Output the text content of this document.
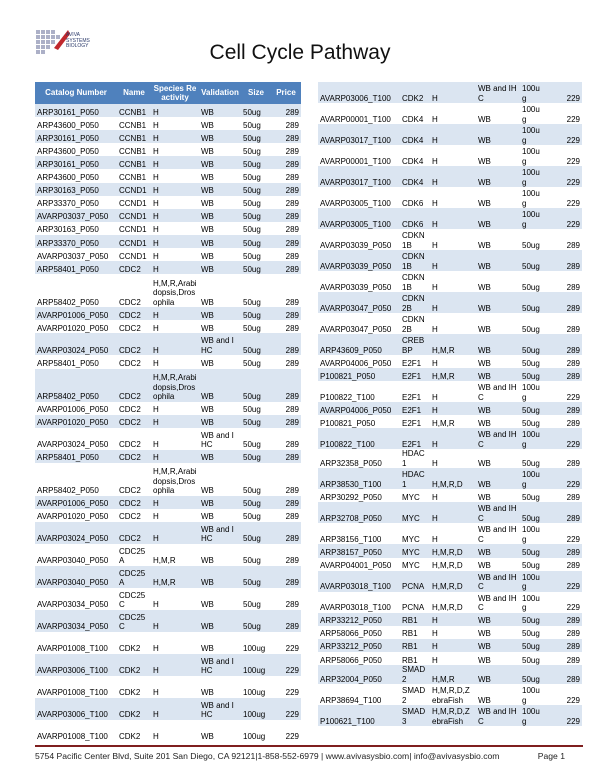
AVIVA
SYSTEMS
BIOLOGY	Cell Cycle Pathway
Catalog Number	Name	Species Reactivity	Validation	Size	Price
ARP30161_P050	CCNB1	H	WB	50ug	289
ARP43600_P050	CCNB1	H	WB	50ug	289
ARP30161_P050	CCNB1	H	WB	50ug	289
ARP43600_P050	CCNB1	H	WB	50ug	289
ARP30161_P050	CCNB1	H	WB	50ug	289
ARP43600_P050	CCNB1	H	WB	50ug	289
ARP30163_P050	CCND1	H	WB	50ug	289
ARP33370_P050	CCND1	H	WB	50ug	289
AVARP03037_P050	CCND1	H	WB	50ug	289
ARP30163_P050	CCND1	H	WB	50ug	289
ARP33370_P050	CCND1	H	WB	50ug	289
AVARP03037_P050	CCND1	H	WB	50ug	289
ARP58401_P050	CDC2	H	WB	50ug	289
ARP58402_P050	CDC2	H,M,R,Arabidopsis,Drosophila	WB	50ug	289
AVARP01006_P050	CDC2	H	WB	50ug	289
AVARP01020_P050	CDC2	H	WB	50ug	289
AVARP03024_P050	CDC2	H	WB and IHC	50ug	289
ARP58401_P050	CDC2	H	WB	50ug	289
ARP58402_P050	CDC2	H,M,R,Arabidopsis,Drosophila	WB	50ug	289
AVARP01006_P050	CDC2	H	WB	50ug	289
AVARP01020_P050	CDC2	H	WB	50ug	289
AVARP03024_P050	CDC2	H	WB and IHC	50ug	289
ARP58401_P050	CDC2	H	WB	50ug	289
ARP58402_P050	CDC2	H,M,R,Arabidopsis,Drosophila	WB	50ug	289
AVARP01006_P050	CDC2	H	WB	50ug	289
AVARP01020_P050	CDC2	H	WB	50ug	289
AVARP03024_P050	CDC2	H	WB and IHC	50ug	289
AVARP03040_P050	CDC25A	H,M,R	WB	50ug	289
AVARP03040_P050	CDC25A	H,M,R	WB	50ug	289
AVARP03034_P050	CDC25C	H	WB	50ug	289
AVARP03034_P050	CDC25C	H	WB	50ug	289
AVARP01008_T100	CDK2	H	WB	100ug	229
AVARP03006_T100	CDK2	H	WB and IHC	100ug	229
AVARP01008_T100	CDK2	H	WB	100ug	229
AVARP03006_T100	CDK2	H	WB and IHC	100ug	229
AVARP01008_T100	CDK2	H	WB	100ug	229
AVARP03006_T100	CDK2	H	WB and IHC	100ug	229
AVARP00001_T100	CDK4	H	WB	100ug	229
AVARP03017_T100	CDK4	H	WB	100ug	229
AVARP00001_T100	CDK4	H	WB	100ug	229
AVARP03017_T100	CDK4	H	WB	100ug	229
AVARP03005_T100	CDK6	H	WB	100ug	229
AVARP03005_T100	CDK6	H	WB	100ug	229
AVARP03039_P050	CDKN1B	H	WB	50ug	289
AVARP03039_P050	CDKN1B	H	WB	50ug	289
AVARP03039_P050	CDKN1B	H	WB	50ug	289
AVARP03047_P050	CDKN2B	H	WB	50ug	289
AVARP03047_P050	CDKN2B	H	WB	50ug	289
ARP43609_P050	CREBBP	H,M,R	WB	50ug	289
AVARP04006_P050	E2F1	H	WB	50ug	289
P100821_P050	E2F1	H,M,R	WB	50ug	289
P100822_T100	E2F1	H	WB and IHC	100ug	229
AVARP04006_P050	E2F1	H	WB	50ug	289
P100821_P050	E2F1	H,M,R	WB	50ug	289
P100822_T100	E2F1	H	WB and IHC	100ug	229
ARP32358_P050	HDAC1	H	WB	50ug	289
ARP38530_T100	HDAC1	H,M,R,D	WB	100ug	229
ARP30292_P050	MYC	H	WB	50ug	289
ARP32708_P050	MYC	H	WB and IHC	50ug	289
ARP38156_T100	MYC	H	WB and IHC	100ug	229
ARP38157_P050	MYC	H,M,R,D	WB	50ug	289
AVARP04001_P050	MYC	H,M,R,D	WB	50ug	289
AVARP03018_T100	PCNA	H,M,R,D	WB and IHC	100ug	229
AVARP03018_T100	PCNA	H,M,R,D	WB and IHC	100ug	229
ARP33212_P050	RB1	H	WB	50ug	289
ARP58066_P050	RB1	H	WB	50ug	289
ARP33212_P050	RB1	H	WB	50ug	289
ARP58066_P050	RB1	H	WB	50ug	289
ARP32004_P050	SMAD2	H,M,R	WB	50ug	289
ARP38694_T100	SMAD2	H,M,R,D,ZebraFish	WB	100ug	229
P100621_T100	SMAD3	H,M,R,D,ZebraFish	WB and IHC	100ug	229
5754 Pacific Center Blvd, Suite 201 San Diego, CA 92121|1-858-552-6979 | www.avivasysbio.com| info@avivasysbio.com	Page 1
